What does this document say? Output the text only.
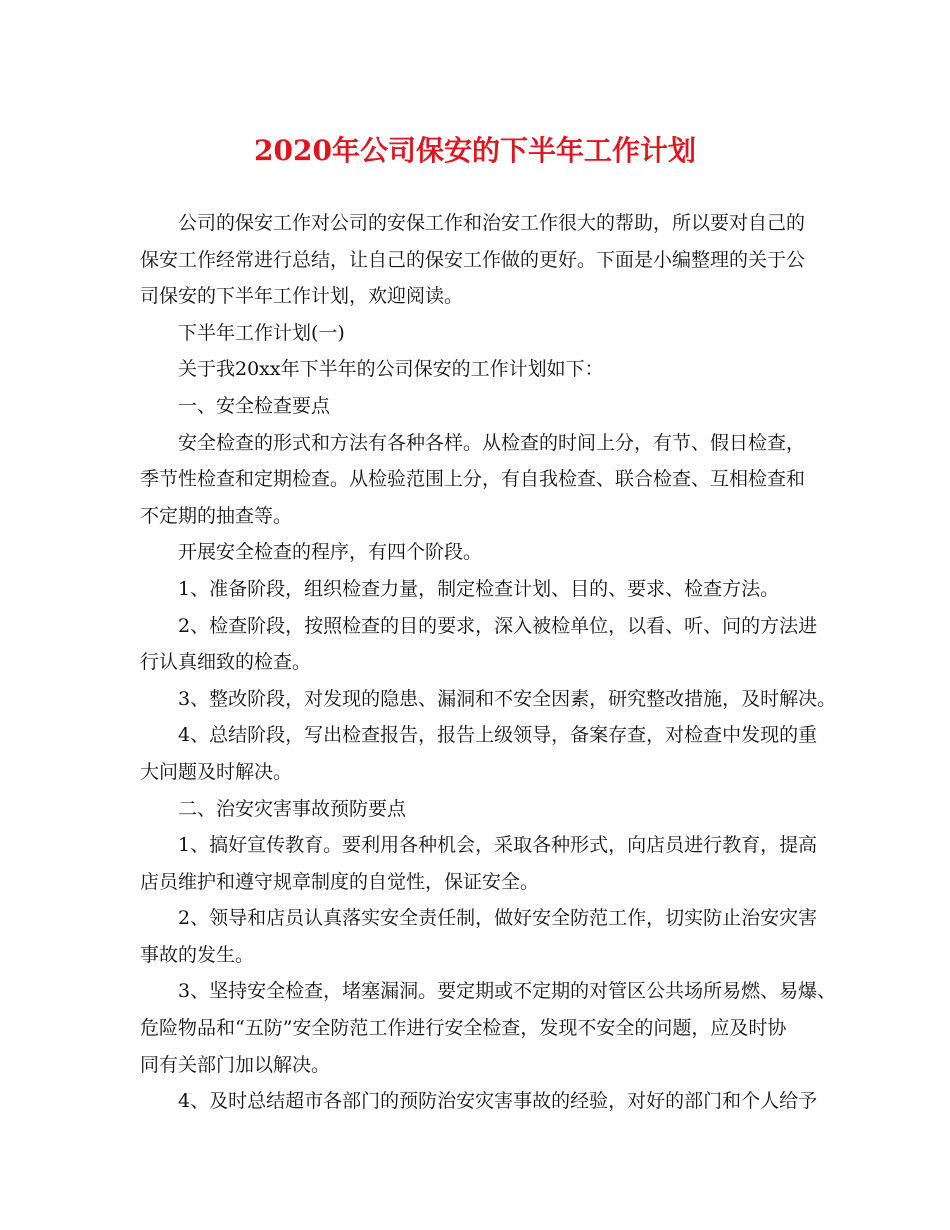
2020年公司保安的下半年工作计划
公司的保安工作对公司的安保工作和治安工作很大的帮助，所以要对自己的
保安工作经常进行总结，让自己的保安工作做的更好。下面是小编整理的关于公
司保安的下半年工作计划，欢迎阅读。
下半年工作计划(一)
关于我20xx年下半年的公司保安的工作计划如下：
一、安全检查要点
安全检查的形式和方法有各种各样。从检查的时间上分，有节、假日检查，
季节性检查和定期检查。从检验范围上分，有自我检查、联合检查、互相检查和
不定期的抽查等。
开展安全检查的程序，有四个阶段。
1、准备阶段，组织检查力量，制定检查计划、目的、要求、检查方法。
2、检查阶段，按照检查的目的要求，深入被检单位，以看、听、问的方法进
行认真细致的检查。
3、整改阶段，对发现的隐患、漏洞和不安全因素，研究整改措施，及时解决。
4、总结阶段，写出检查报告，报告上级领导，备案存查，对检查中发现的重
大问题及时解决。
二、治安灾害事故预防要点
1、搞好宣传教育。要利用各种机会，采取各种形式，向店员进行教育，提高
店员维护和遵守规章制度的自觉性，保证安全。
2、领导和店员认真落实安全责任制，做好安全防范工作，切实防止治安灾害
事故的发生。
3、坚持安全检查，堵塞漏洞。要定期或不定期的对管区公共场所易燃、易爆、
危险物品和“五防”安全防范工作进行安全检查，发现不安全的问题，应及时协
同有关部门加以解决。
4、及时总结超市各部门的预防治安灾害事故的经验，对好的部门和个人给予
